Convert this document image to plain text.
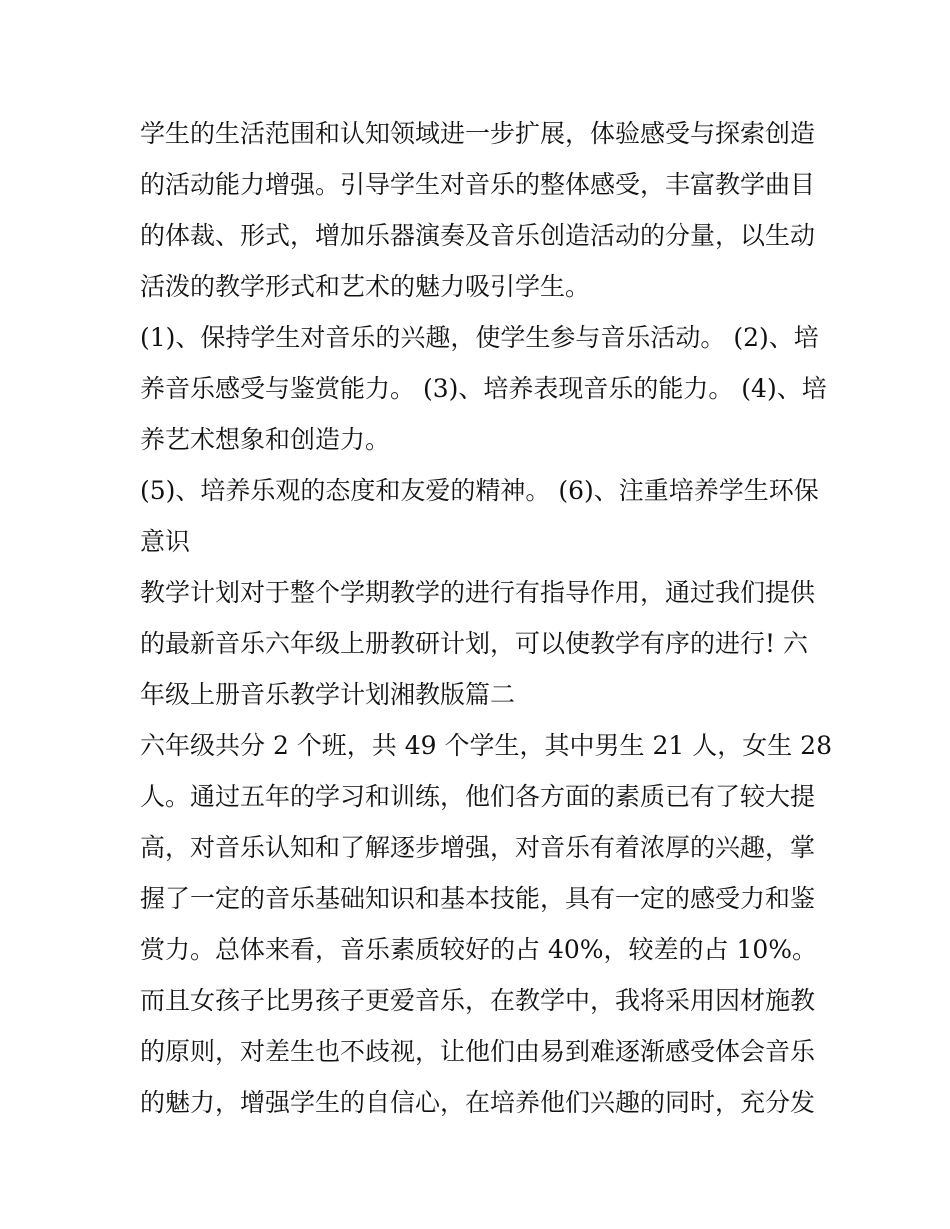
学生的生活范围和认知领域进一步扩展，体验感受与探索创造
的活动能力增强。引导学生对音乐的整体感受，丰富教学曲目
的体裁、形式，增加乐器演奏及音乐创造活动的分量，以生动
活泼的教学形式和艺术的魅力吸引学生。
(1)、保持学生对音乐的兴趣，使学生参与音乐活动。 (2)、培
养音乐感受与鉴赏能力。 (3)、培养表现音乐的能力。 (4)、培
养艺术想象和创造力。
(5)、培养乐观的态度和友爱的精神。 (6)、注重培养学生环保
意识
教学计划对于整个学期教学的进行有指导作用，通过我们提供
的最新音乐六年级上册教研计划，可以使教学有序的进行! 六
年级上册音乐教学计划湘教版篇二
六年级共分 2 个班，共 49 个学生，其中男生 21 人，女生 28
人。通过五年的学习和训练，他们各方面的素质已有了较大提
高，对音乐认知和了解逐步增强，对音乐有着浓厚的兴趣，掌
握了一定的音乐基础知识和基本技能，具有一定的感受力和鉴
赏力。总体来看，音乐素质较好的占 40%，较差的占 10%。
而且女孩子比男孩子更爱音乐，在教学中，我将采用因材施教
的原则，对差生也不歧视，让他们由易到难逐渐感受体会音乐
的魅力，增强学生的自信心，在培养他们兴趣的同时，充分发
